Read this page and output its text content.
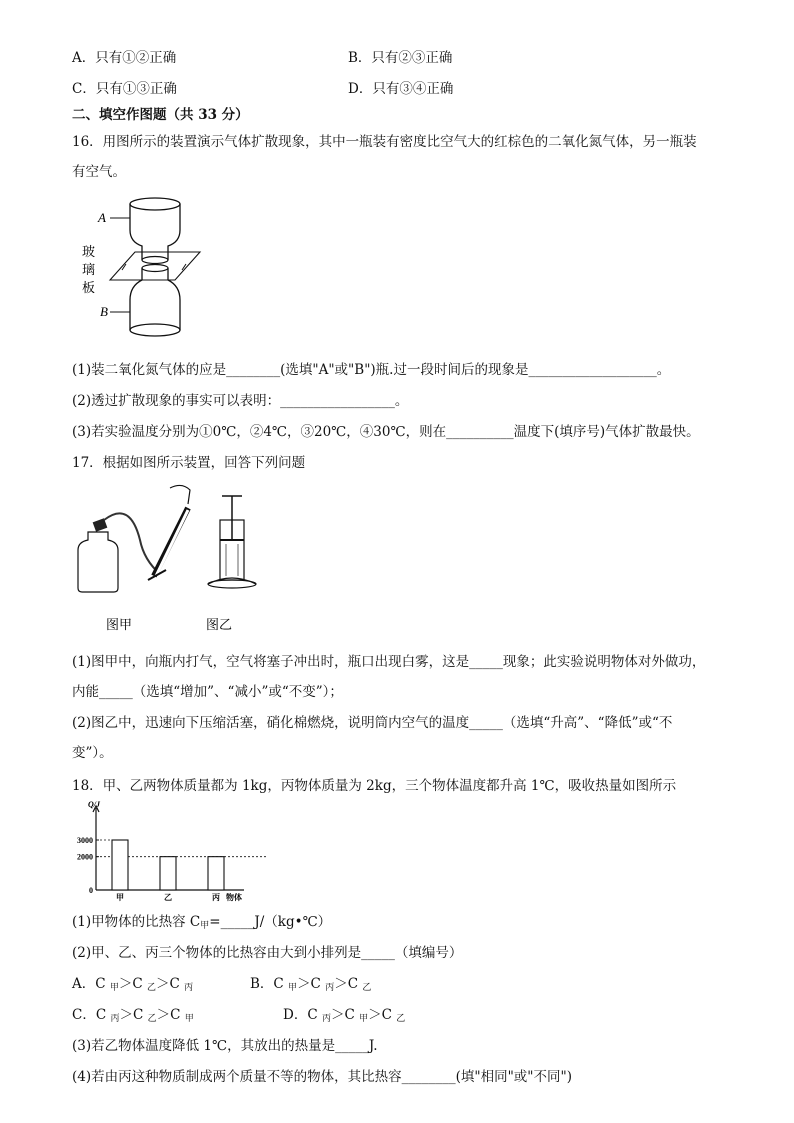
A．只有①②正确	B．只有②③正确
C．只有①③正确	D．只有③④正确
二、填空作图题（共 33 分）
16．用图所示的装置演示气体扩散现象，其中一瓶装有密度比空气大的红棕色的二氧化氮气体，另一瓶装
有空气。
A
B
玻
璃
板
(1)装二氧化氮气体的应是________(选填"A"或"B")瓶.过一段时间后的现象是___________________。
(2)透过扩散现象的事实可以表明：_________________。
(3)若实验温度分别为①0℃，②4℃，③20℃，④30℃，则在__________温度下(填序号)气体扩散最快。
17．根据如图所示装置，回答下列问题
图甲	图乙
(1)图甲中，向瓶内打气，空气将塞子冲出时，瓶口出现白雾，这是_____现象；此实验说明物体对外做功，
内能_____（选填“增加”、“减小”或“不变”）；
(2)图乙中，迅速向下压缩活塞，硝化棉燃烧，说明筒内空气的温度_____（选填“升高”、“降低”或“不
变”）。
18．甲、乙两物体质量都为 1kg，丙物体质量为 2kg，三个物体温度都升高 1℃，吸收热量如图所示
Q/J
物体
3000
2000
0
甲	乙	丙
(1)甲物体的比热容 $C_甲=\_\_\_\_\_J/(kg•℃)$
(2)甲、乙、丙三个物体的比热容由大到小排列是_____（填编号）
A．C $_甲$＞C $_乙$＞C $_丙$	B．C $_甲$＞C $_丙$＞C $_乙$
C．C $_丙$＞C $_乙$＞C $_甲$	D．C $_丙$＞C $_甲$＞C $_乙$
(3)若乙物体温度降低 1℃，其放出的热量是_____J.
(4)若由丙这种物质制成两个质量不等的物体，其比热容________(填"相同"或"不同")
